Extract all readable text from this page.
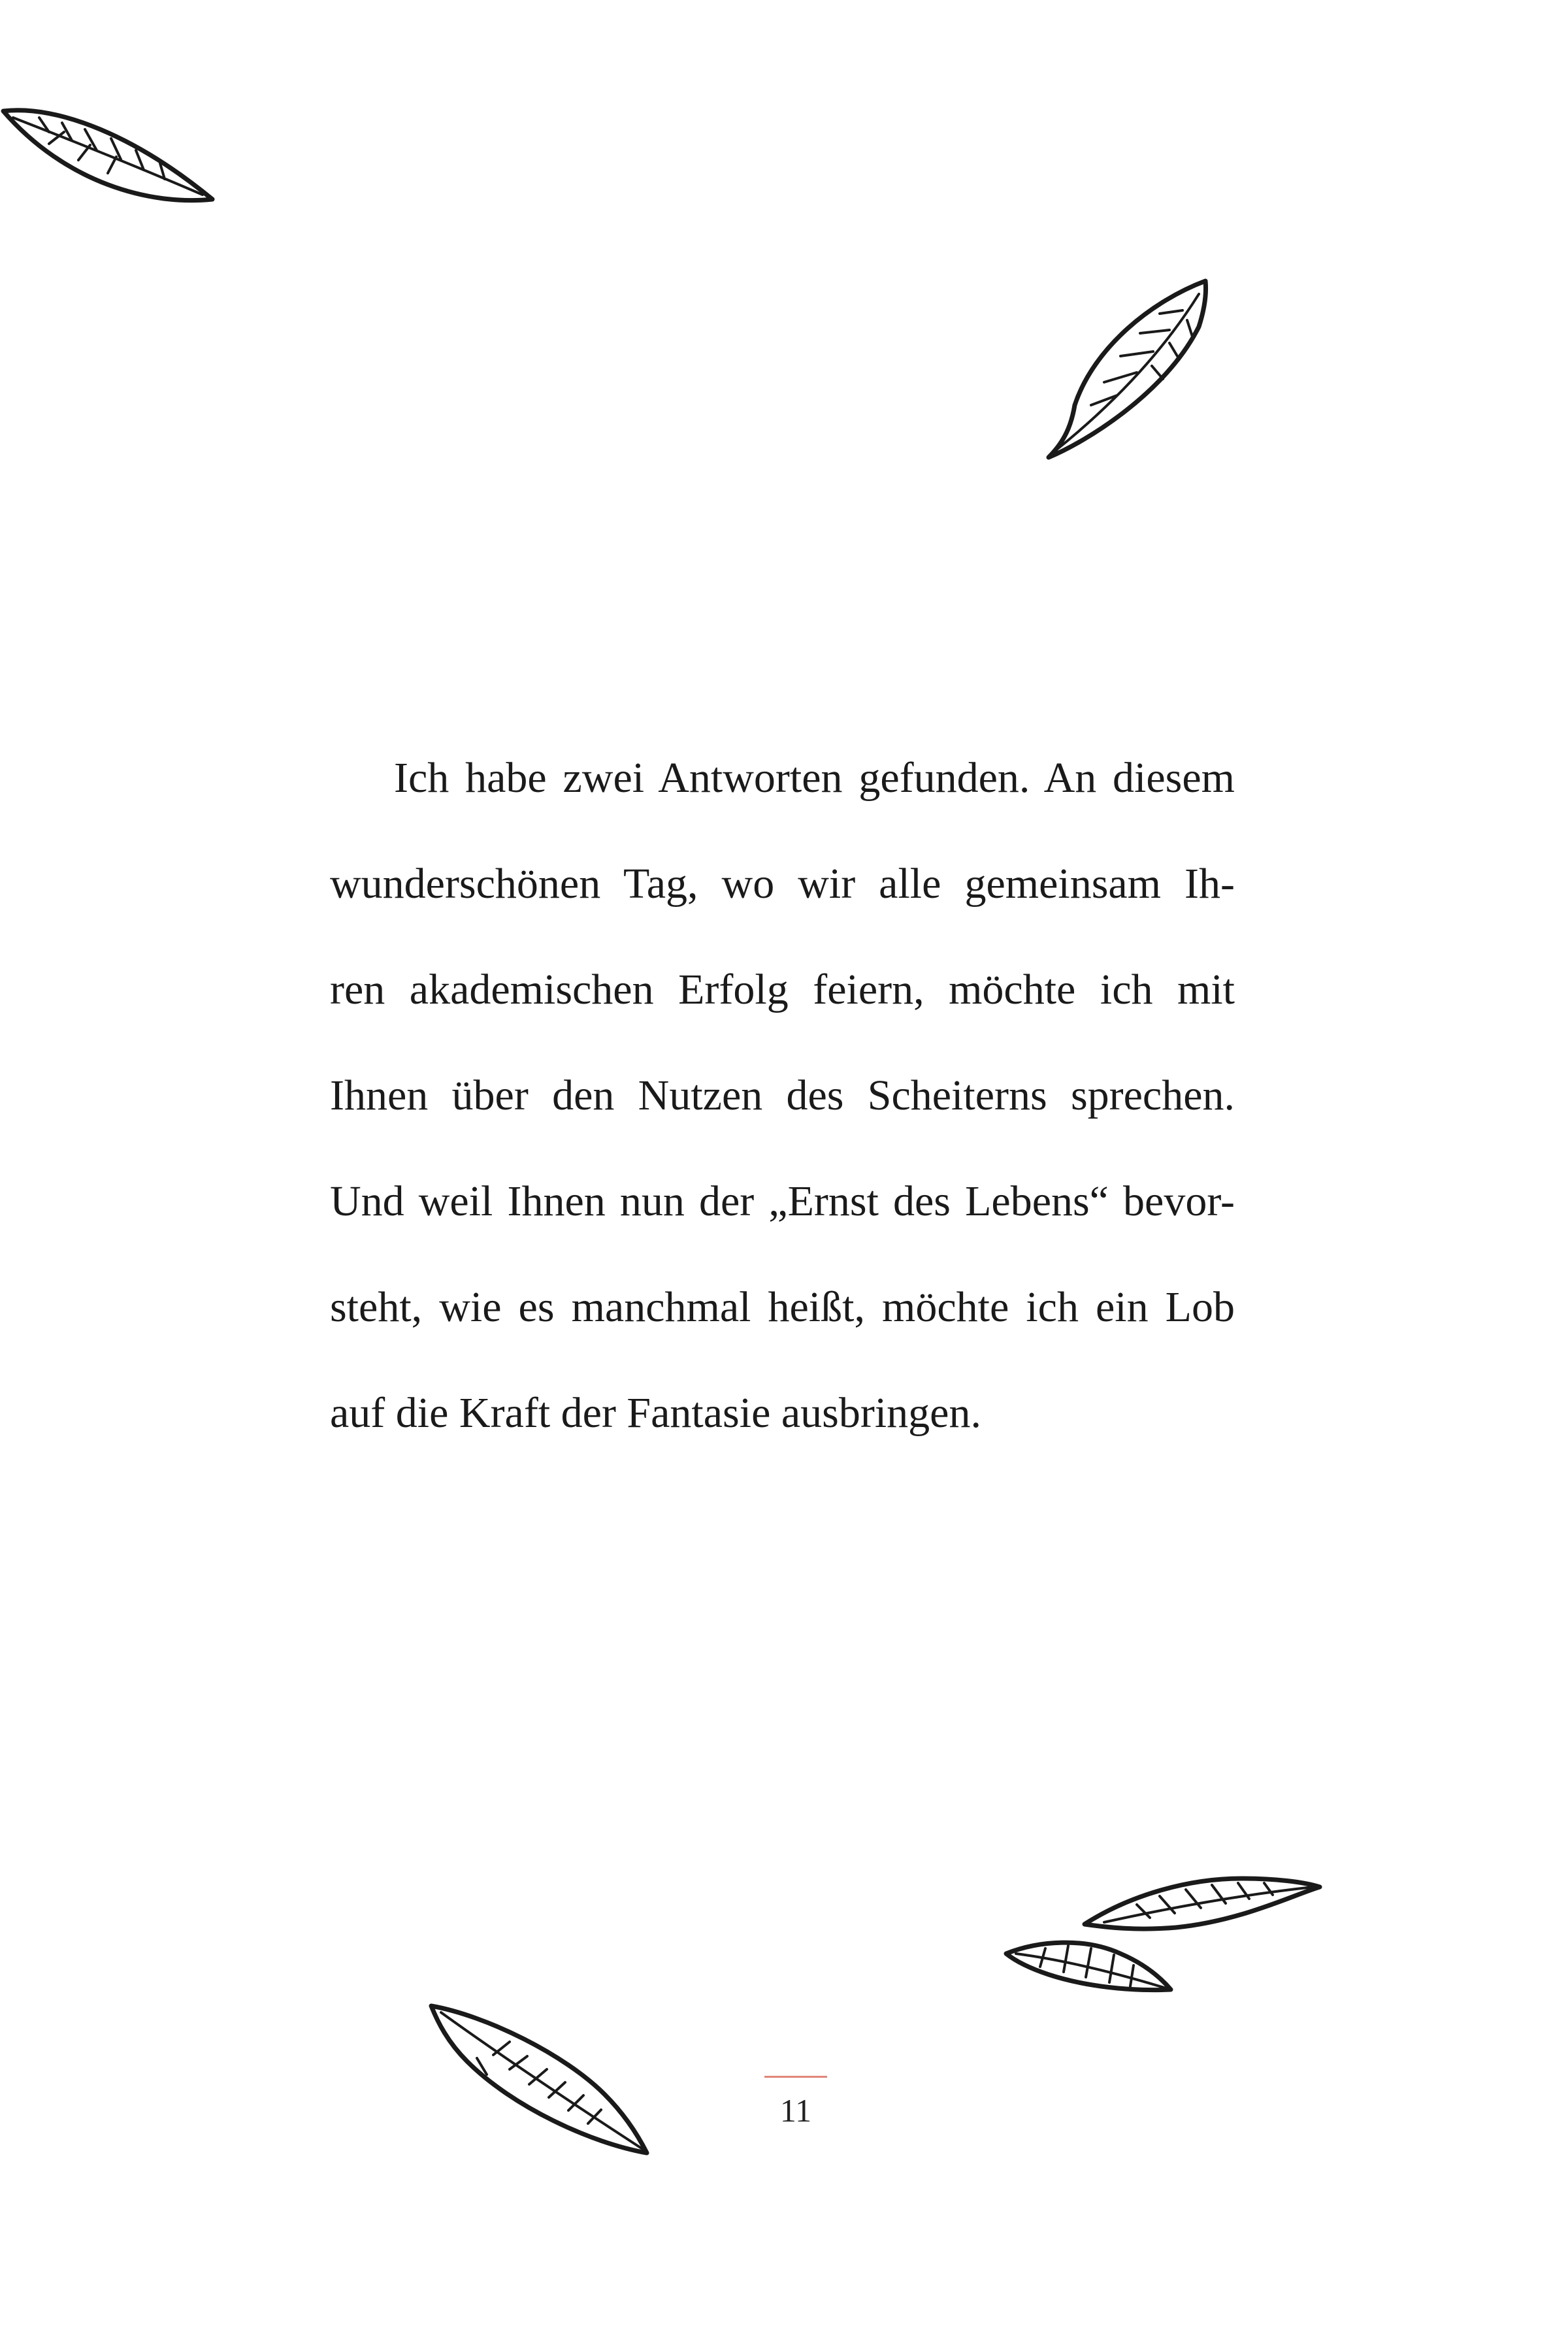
Ich habe zwei Antworten gefunden. An diesem
wunderschönen Tag, wo wir alle gemeinsam Ih-
ren akademischen Erfolg feiern, möchte ich mit
Ihnen über den Nutzen des Scheiterns sprechen.
Und weil Ihnen nun der „Ernst des Lebens“ bevor-
steht, wie es manchmal heißt, möchte ich ein Lob
auf die Kraft der Fantasie ausbringen.
11
